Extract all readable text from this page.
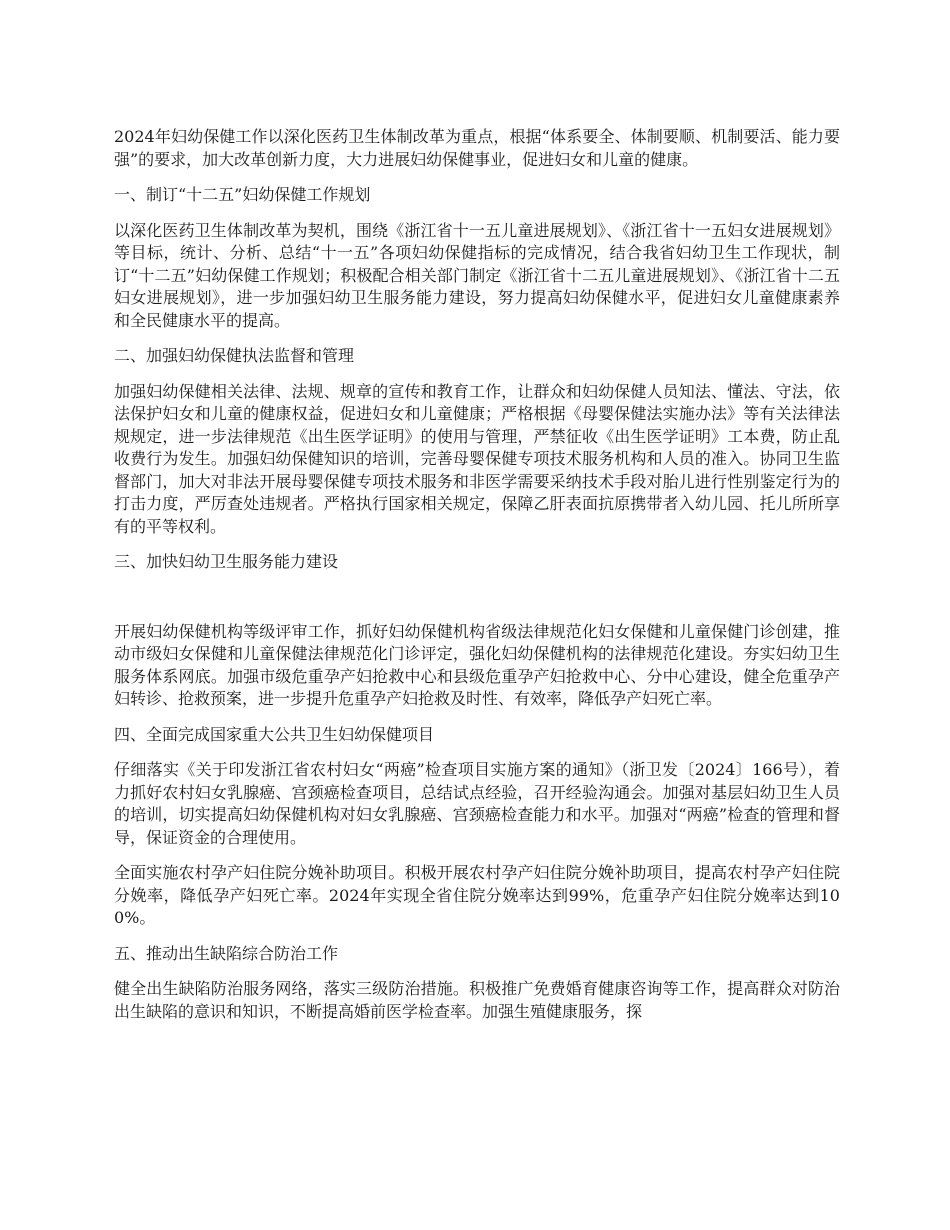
2024年妇幼保健工作以深化医药卫生体制改革为重点，根据“体系要全、体制要顺、机制要活、能力要强”的要求，加大改革创新力度，大力进展妇幼保健事业，促进妇女和儿童的健康。

一、制订“十二五”妇幼保健工作规划

以深化医药卫生体制改革为契机，围绕《浙江省十一五儿童进展规划》、《浙江省十一五妇女进展规划》等目标，统计、分析、总结“十一五”各项妇幼保健指标的完成情况，结合我省妇幼卫生工作现状，制订“十二五”妇幼保健工作规划；积极配合相关部门制定《浙江省十二五儿童进展规划》、《浙江省十二五妇女进展规划》，进一步加强妇幼卫生服务能力建设，努力提高妇幼保健水平，促进妇女儿童健康素养和全民健康水平的提高。

二、加强妇幼保健执法监督和管理

加强妇幼保健相关法律、法规、规章的宣传和教育工作，让群众和妇幼保健人员知法、懂法、守法，依法保护妇女和儿童的健康权益，促进妇女和儿童健康；严格根据《母婴保健法实施办法》等有关法律法规规定，进一步法律规范《出生医学证明》的使用与管理，严禁征收《出生医学证明》工本费，防止乱收费行为发生。加强妇幼保健知识的培训，完善母婴保健专项技术服务机构和人员的准入。协同卫生监督部门，加大对非法开展母婴保健专项技术服务和非医学需要采纳技术手段对胎儿进行性别鉴定行为的打击力度，严厉查处违规者。严格执行国家相关规定，保障乙肝表面抗原携带者入幼儿园、托儿所所享有的平等权利。

三、加快妇幼卫生服务能力建设

开展妇幼保健机构等级评审工作，抓好妇幼保健机构省级法律规范化妇女保健和儿童保健门诊创建，推动市级妇女保健和儿童保健法律规范化门诊评定，强化妇幼保健机构的法律规范化建设。夯实妇幼卫生服务体系网底。加强市级危重孕产妇抢救中心和县级危重孕产妇抢救中心、分中心建设，健全危重孕产妇转诊、抢救预案，进一步提升危重孕产妇抢救及时性、有效率，降低孕产妇死亡率。

四、全面完成国家重大公共卫生妇幼保健项目

仔细落实《关于印发浙江省农村妇女“两癌”检查项目实施方案的通知》（浙卫发〔2024〕166号），着力抓好农村妇女乳腺癌、宫颈癌检查项目，总结试点经验，召开经验沟通会。加强对基层妇幼卫生人员的培训，切实提高妇幼保健机构对妇女乳腺癌、宫颈癌检查能力和水平。加强对“两癌”检查的管理和督导，保证资金的合理使用。

全面实施农村孕产妇住院分娩补助项目。积极开展农村孕产妇住院分娩补助项目，提高农村孕产妇住院分娩率，降低孕产妇死亡率。2024年实现全省住院分娩率达到99%，危重孕产妇住院分娩率达到100%。

五、推动出生缺陷综合防治工作

健全出生缺陷防治服务网络，落实三级防治措施。积极推广免费婚育健康咨询等工作，提高群众对防治出生缺陷的意识和知识，不断提高婚前医学检查率。加强生殖健康服务，探
